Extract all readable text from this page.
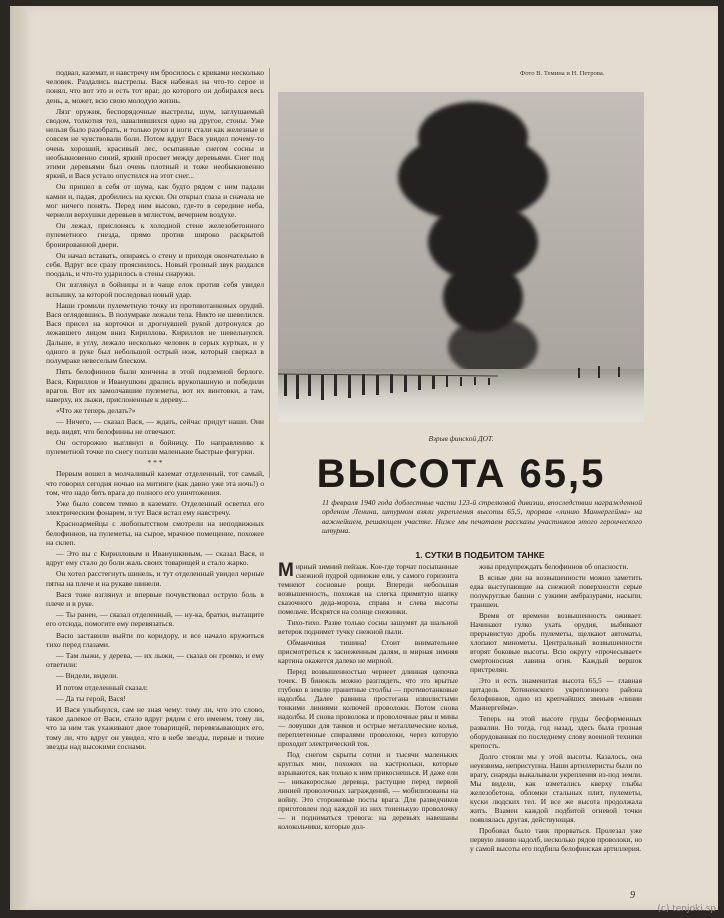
подвал, каземат, и навстречу им бросилось с криками несколько человек. Раздались выстрелы. Вася набежал на что-то серое и понял, что вот это и есть тот враг, до которого он добирался весь день, а, может, всю свою молодую жизнь.

Лязг оружия, беспорядочные выстрелы, шум, заглушаемый сводом, толкотня тел, навалившихся одно на другое, стоны. Уже нельзя было разобрать, и только руки и ноги стали как железные и совсем не чувствовали боли. Потом вдруг Вася увидел почему-то очень хороший, красивый лес, осыпанные снегом сосны и необыкновенно синий, яркий просвет между деревьями. Снег под этими деревьями был очень плотный и тоже необыкновенно яркий, и Вася устало опустился на этот снег...

Он пришел в себя от шума, как будто рядом с ним падали камни и, падая, дробились на куски. Он открыл глаза и сначала не мог ничего понять. Перед ним высоко, где-то в середине неба, чернели верхушки деревьев в мглистом, вечернем воздухе.

Он лежал, прислонясь к холодной стене железобетонного пулеметного гнезда, прямо против широко раскрытой бронированной двери.

Он начал вставать, опираясь о стену и приходя окончательно в себя. Вдруг все сразу прояснилось. Новый грозный звук раздался поодаль, и что-то ударилось в стены снаружи.

Он взглянул в бойницы и в чаще елок против себя увидел вспышку, за которой последовал новый удар.

Наши громили пулеметную точку из противотанковых орудий. Вася оглядевшись. В полумраке лежали тела. Никто не шевелился. Вася присел на корточки и дрогнувшей рукой дотронулся до лежавшего лицом вниз Кириллова. Кириллов не шевельнулся. Дальше, в углу, лежало несколько человек в серых куртках, и у одного в руке был небольшой острый нож, который сверкал в полумраке невеселым блеском.

Пять белофиннов были кончены в этой подземной берлоге. Вася, Кириллов и Иванушкин дрались врукопашную и победили врагов. Вот их замолчавшие пулеметы, вот их винтовки, а там, наверху, их лыжи, прислоненные к дереву...

«Что же теперь делать?»

— Ничего, — сказал Вася, — ждать, сейчас придут наши. Они ведь видят, что белофинны не отвечают.

Он осторожно выглянул в бойницу. По направлению к пулеметной точке по снегу ползли маленькие быстрые фигурки.

* * *

Первым вошел в молчаливый каземат отделенный, тот самый, что говорил сегодня ночью на митинге (как давно уже эта ночь!) о том, что надо бить врага до полного его уничтожения.

Уже было совсем темно в каземате. Отделенный осветил его электрическим фонарем, и тут Вася встал ему навстречу.

Красноармейцы с любопытством смотрели на неподвижных белофиннов, на пулеметы, на сырое, мрачное помещение, похожее на склеп.

— Это вы с Кирилловым и Иванушкиным, — сказал Вася, и вдруг ему стало до боли жаль своих товарищей и стало жарко.

Он хотел расстегнуть шинель, и тут отделенный увидел черные пятна на плече и на рукаве шинели.

Вася тоже взглянул и впервые почувствовал острую боль в плече и в руке.

— Ты ранен, — сказал отделенный, — ну-ка, братки, вытащите его отсюда, помогите ему перевязаться.

Васю заставили выйти по коридору, и все начало кружиться тихо перед глазами.

— Там лыжи, у дерева, — их лыжи, — сказал он громко, и ему ответили:

— Видели, видели.

И потом отделенный сказал:

— Да ты герой, Вася!

И Вася улыбнулся, сам не зная чему: тому ли, что это слово, такое далекое от Васи, стало вдруг рядом с его именем, тому ли, что за ним так ухаживают двое товарищей, перевязывающих его, тому ли, что вдруг он увидел, что в небе звезды, первые и тихие звезды над высокими соснами.

Фото В. Темина и Н. Петрова.
Взрыв финской ДОТ.
ВЫСОТА 65,5
11 февраля 1940 года доблестные части 123-й стрелковой дивизии, впоследствии награжденной орденом Ленина, штурмом взяли укрепления высоты 65,5, прорвав «линию Маннергейма» на важнейшем, решающем участке. Ниже мы печатаем рассказы участников этого героического штурма.
1. СУТКИ В ПОДБИТОМ ТАНКЕ

Мирный зимний пейзаж. Кое-где торчат посыпанные снежной пудрой одинокие ели, у самого горизонта темнеют сосновые рощи. Впереди небольшая возвышенность, похожая на слегка примятую шапку сказочного деда-мороза, справа и слева высоты помельче. Искрятся на солнце снежинки.

Тихо-тихо. Разве только сосны зашумят да шальной ветерок поднимет тучку снежной пыли.

Обманчивая тишина! Стоит внимательнее присмотреться к заснеженным далям, и мирная зимняя картина окажется далеко не мирной.

Перед возвышенностью чернеет длинная цепочка точек. В бинокль можно разглядеть, что это врытые глубоко в землю гранитные столбы — противотанковые надолбы. Далее равнина простегана извилистыми тонкими линиями колючей проволоки. Потом снова надолбы. И снова проволока и проволочные рвы и мины — ловушки для танков и острые металлические колья, переплетенные спиралями проволоки, через которую проходит электрический ток.

Под снегом скрыты сотни и тысячи маленьких круглых мин, похожих на кастрюльки, которые взрываются, как только к ним прикоснешься. И даже ели — никакорослые деревца, растущие перед первой линией проволочных заграждений, — мобилизованы на войну. Это сторожевые посты врага. Для разведчиков приготовлен под каждой из них тоненькую проволочку — и подниматься тревога: на деревьях навешаны колокольчики, которые дол-

жны предупреждать белофиннов об опасности.

В ясные дни на возвышенности можно заметить едва выступающие на снежной поверхности серые полукруглые башни с узкими амбразурами, насыпи, траншеи.

Время от времени возвышенность оживает. Начинают гулко ухать орудия, выбивают прерывистую дробь пулеметы, щелкают автоматы, хлопают минометы. Центральный возвышенности вторят боковые высоты. Всю округу «прочесывает» смертоносная лавина огня. Каждый вершок пристрелян.

Это и есть знаменитая высота 65,5 — главная цитадель Хотиненского укрепленного района белофиннов, одно из крепчайших звеньев «линии Маннергейма».

Теперь на этой высоте груды бесформенных развалин. Но тогда, год назад, здесь была грозная оборудованная по последнему слову военной техники крепость.

Долго стояли мы у этой высоты. Казалось, она неуязвима, неприступна. Наши артиллеристы были по врагу, снаряды выкалывали укрепления из-под земли. Мы видели, как взметались кверху глыбы железобетона, обломки стальных плит, пулеметы, куски людских тел. И все же высота продолжала жить. Взамен каждой подбитой огневой точки появлялась другая, действующая.

Пробовал было танк прорваться. Пролезал уже первую линию надолб, несколько рядов проволоки, но у самой высоты его подбила белофинская артиллерия.

9
(c) tenjoki.sp
